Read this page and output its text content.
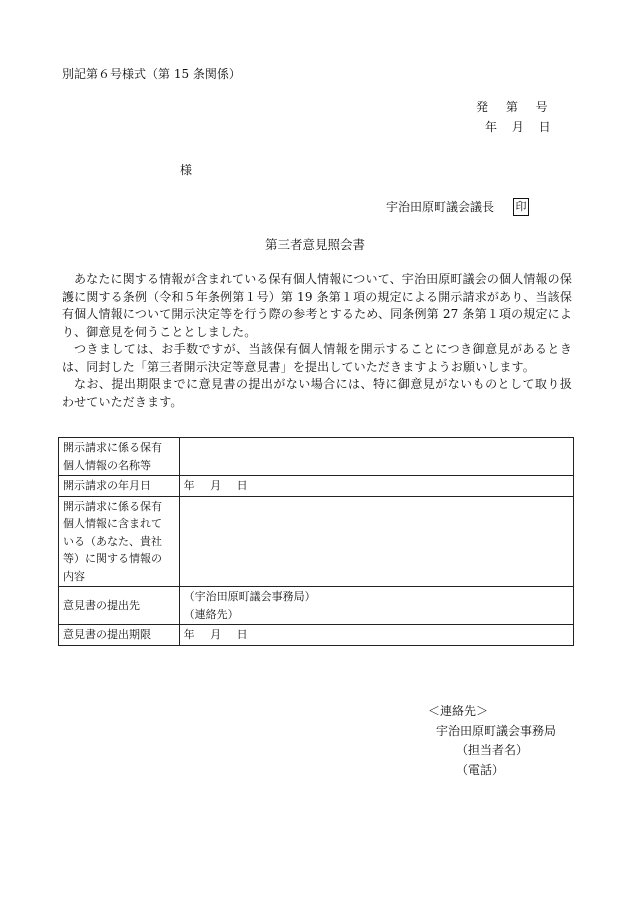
別記第６号様式（第 15 条関係）
発 第 号
年 月 日
様
宇治田原町議会議長 印
第三者意見照会書

あなたに関する情報が含まれている保有個人情報について、宇治田原町議会の個人情報の保護に関する条例（令和５年条例第１号）第 19 条第１項の規定による開示請求があり、当該保有個人情報について開示決定等を行う際の参考とするため、同条例第 27 条第１項の規定により、御意見を伺うこととしました。

つきましては、お手数ですが、当該保有個人情報を開示することにつき御意見があるときは、同封した「第三者開示決定等意見書」を提出していただきますようお願いします。

なお、提出期限までに意見書の提出がない場合には、特に御意見がないものとして取り扱わせていただきます。

開示請求に係る保有
個人情報の名称等	
開示請求の年月日	年 月 日
開示請求に係る保有
個人情報に含まれて
いる（あなた、貴社
等）に関する情報の
内容	
意見書の提出先	（宇治田原町議会事務局）
（連絡先）
意見書の提出期限	年 月 日
＜連絡先＞
宇治田原町議会事務局
（担当者名）
（電話）
